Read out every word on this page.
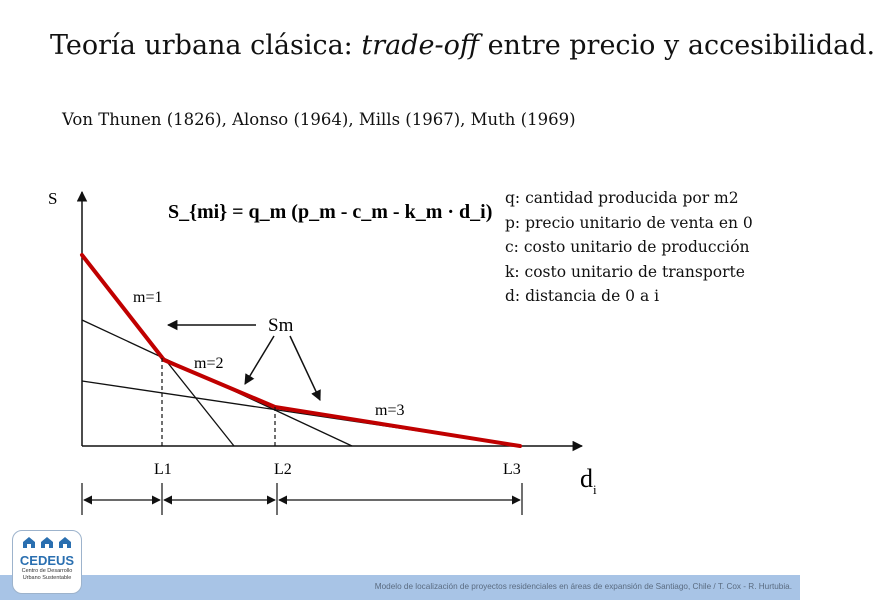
Teoría urbana clásica: trade-off entre precio y accesibilidad.
Von Thunen (1826), Alonso (1964), Mills (1967), Muth (1969)
S
$d_i$
S_{mi} = q_m (p_m - c_m - k_m · d_i)
m=1
m=2
m=3
Sm
L1	L2	L3
q: cantidad producida por m2
p: precio unitario de venta en 0
c: costo unitario de producción
k: costo unitario de transporte
d: distancia de 0 a i
Modelo de localización de proyectos residenciales en áreas de expansión de Santiago, Chile / T. Cox - R. Hurtubia.
CEDEUS
Centro de Desarrollo
Urbano Sustentable
